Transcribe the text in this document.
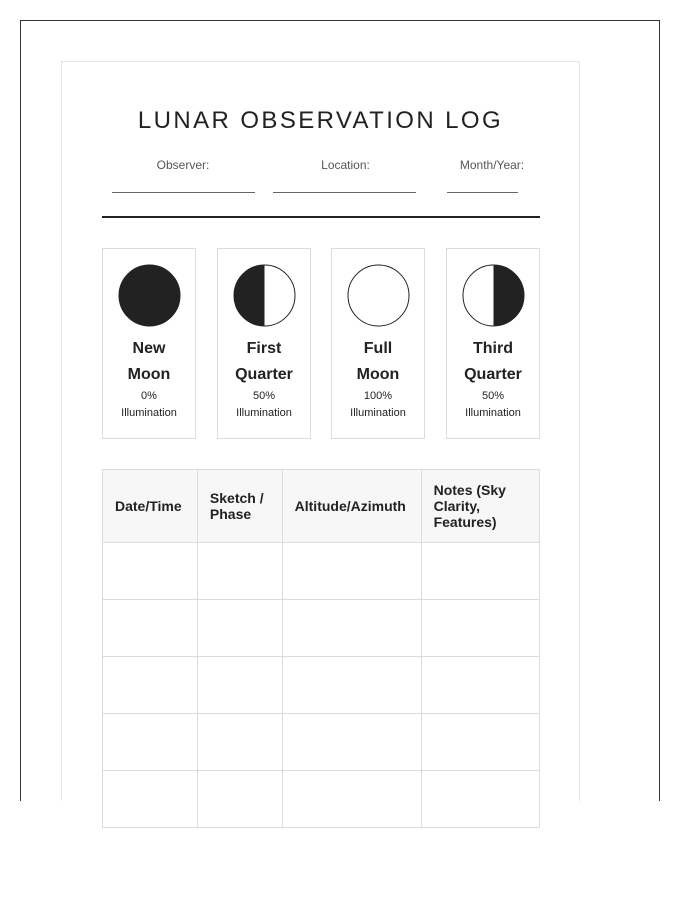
LUNAR OBSERVATION LOG
Observer:	Location:	Month/Year:
New
Moon
0%
Illumination
First
Quarter
50%
Illumination
Full
Moon
100%
Illumination
Third
Quarter
50%
Illumination
Date/Time	Sketch / Phase	Altitude/Azimuth	Notes (Sky Clarity, Features)
